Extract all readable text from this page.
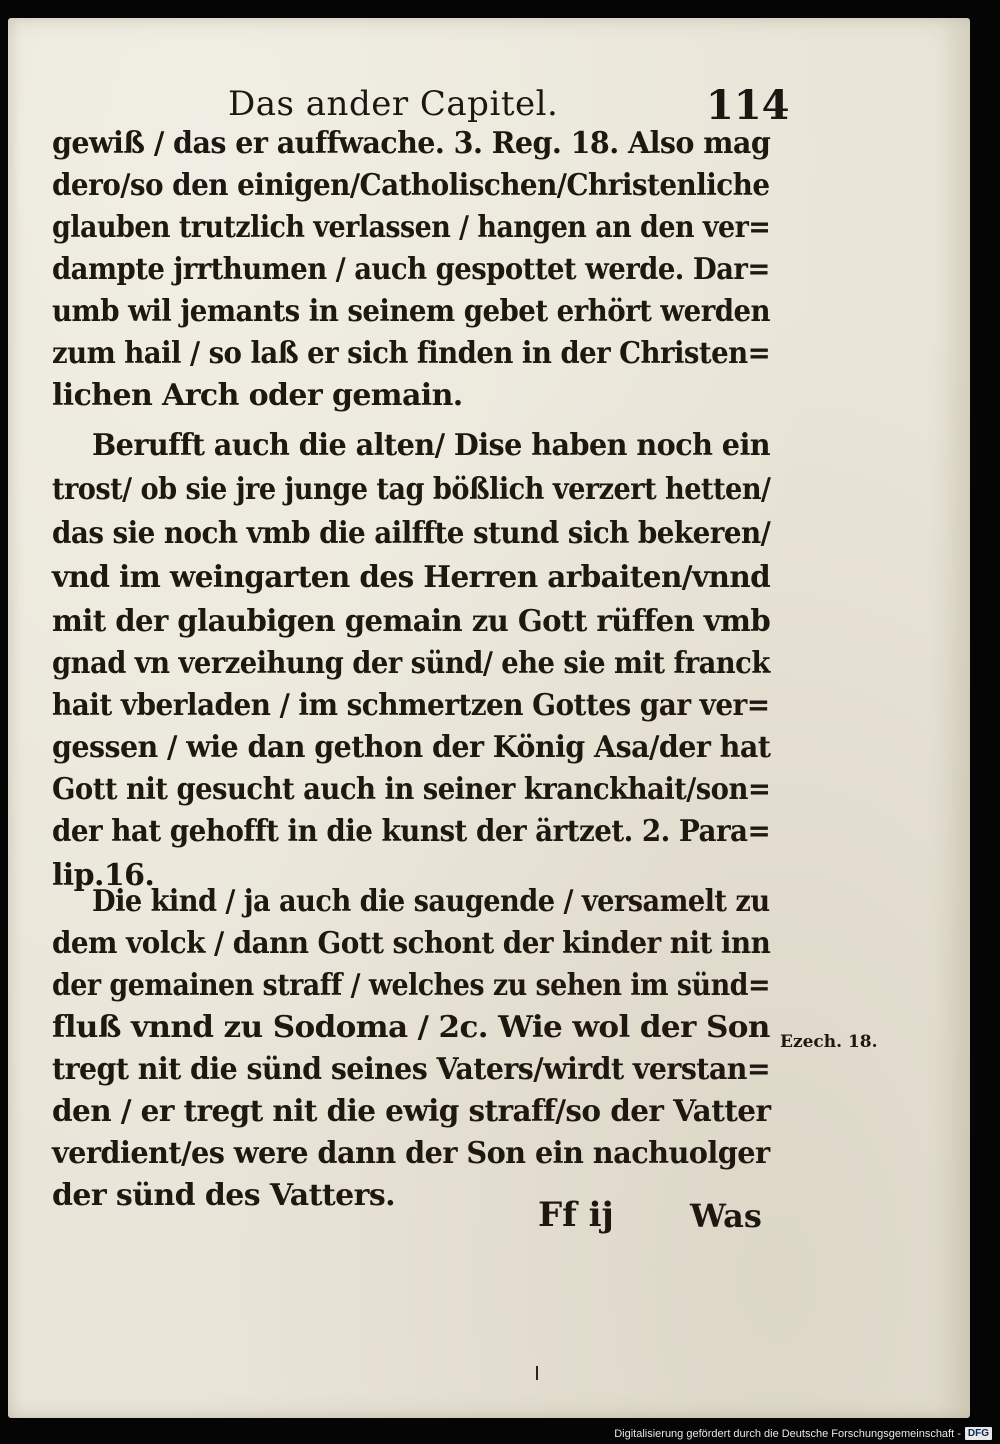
Das ander Capitel.	114
gewiß / das er auffwache. 3. Reg. 18. Also mag
dero/so den einigen/Catholischen/Christenliche
glauben trutzlich verlassen / hangen an den ver=
dampte jrrthumen / auch gespottet werde. Dar=
umb wil jemants in seinem gebet erhört werden
zum hail / so laß er sich finden in der Christen=
lichen Arch oder gemain.
Berufft auch die alten/ Dise haben noch ein
trost/ ob sie jre junge tag bößlich verzert hetten/
das sie noch vmb die ailffte stund sich bekeren/
vnd im weingarten des Herren arbaiten/vnnd
mit der glaubigen gemain zu Gott rüffen vmb
gnad vn verzeihung der sünd/ ehe sie mit franck
hait vberladen / im schmertzen Gottes gar ver=
gessen / wie dan gethon der König Asa/der hat
Gott nit gesucht auch in seiner kranckhait/son=
der hat gehofft in die kunst der ärtzet. 2. Para=
lip.16.
Die kind / ja auch die saugende / versamelt zu
dem volck / dann Gott schont der kinder nit inn
der gemainen straff / welches zu sehen im sünd=
fluß vnnd zu Sodoma / 2c. Wie wol der Son
tregt nit die sünd seines Vaters/wirdt verstan=
den / er tregt nit die ewig straff/so der Vatter
verdient/es were dann der Son ein nachuolger
der sünd des Vatters.
Ezech. 18.
Ff ij Was
Digitalisierung gefördert durch die Deutsche Forschungsgemeinschaft - DFG
